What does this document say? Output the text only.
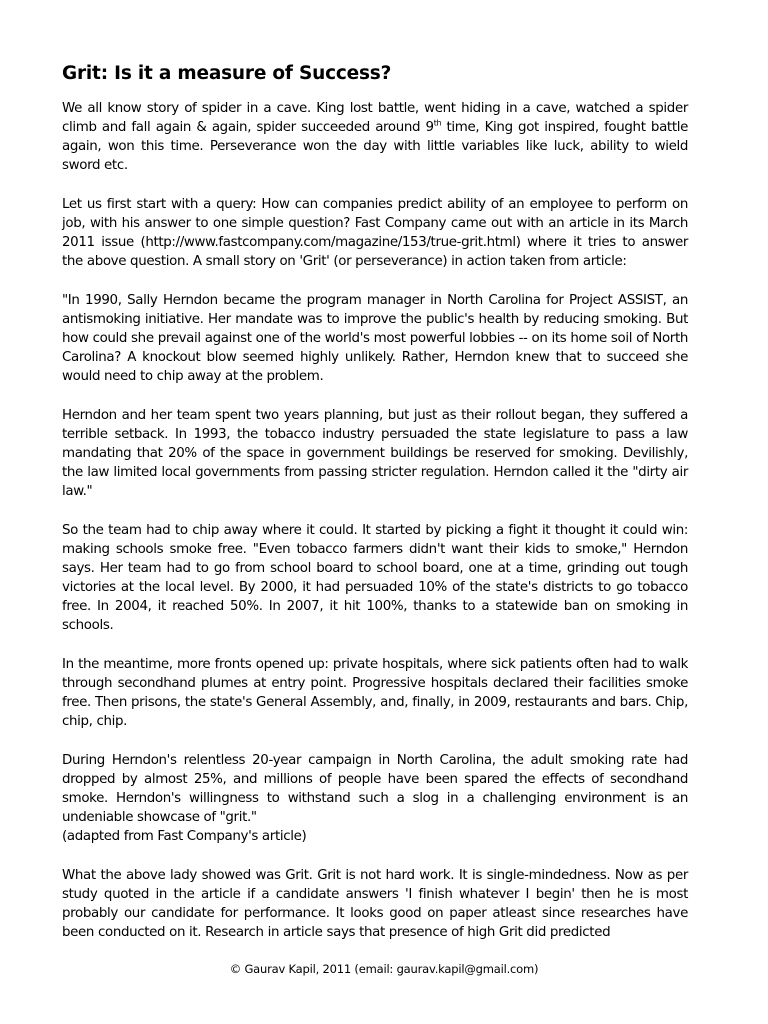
Grit: Is it a measure of Success?

We all know story of spider in a cave. King lost battle, went hiding in a cave, watched a spider climb and fall again & again, spider succeeded around 9th time, King got inspired, fought battle again, won this time. Perseverance won the day with little variables like luck, ability to wield sword etc.

Let us first start with a query: How can companies predict ability of an employee to perform on job, with his answer to one simple question? Fast Company came out with an article in its March 2011 issue (http://www.fastcompany.com/magazine/153/true-grit.html) where it tries to answer the above question. A small story on 'Grit' (or perseverance) in action taken from article:

"In 1990, Sally Herndon became the program manager in North Carolina for Project ASSIST, an antismoking initiative. Her mandate was to improve the public's health by reducing smoking. But how could she prevail against one of the world's most powerful lobbies -- on its home soil of North Carolina? A knockout blow seemed highly unlikely. Rather, Herndon knew that to succeed she would need to chip away at the problem.

Herndon and her team spent two years planning, but just as their rollout began, they suffered a terrible setback. In 1993, the tobacco industry persuaded the state legislature to pass a law mandating that 20% of the space in government buildings be reserved for smoking. Devilishly, the law limited local governments from passing stricter regulation. Herndon called it the "dirty air law."

So the team had to chip away where it could. It started by picking a fight it thought it could win: making schools smoke free. "Even tobacco farmers didn't want their kids to smoke," Herndon says. Her team had to go from school board to school board, one at a time, grinding out tough victories at the local level. By 2000, it had persuaded 10% of the state's districts to go tobacco free. In 2004, it reached 50%. In 2007, it hit 100%, thanks to a statewide ban on smoking in schools.

In the meantime, more fronts opened up: private hospitals, where sick patients often had to walk through secondhand plumes at entry point. Progressive hospitals declared their facilities smoke free. Then prisons, the state's General Assembly, and, finally, in 2009, restaurants and bars. Chip, chip, chip.

During Herndon's relentless 20-year campaign in North Carolina, the adult smoking rate had dropped by almost 25%, and millions of people have been spared the effects of secondhand smoke. Herndon's willingness to withstand such a slog in a challenging environment is an undeniable showcase of "grit."

(adapted from Fast Company's article)

What the above lady showed was Grit. Grit is not hard work. It is single-mindedness. Now as per study quoted in the article if a candidate answers 'I finish whatever I begin' then he is most probably our candidate for performance. It looks good on paper atleast since researches have been conducted on it. Research in article says that presence of high Grit did predicted

© Gaurav Kapil, 2011 (email: gaurav.kapil@gmail.com)
